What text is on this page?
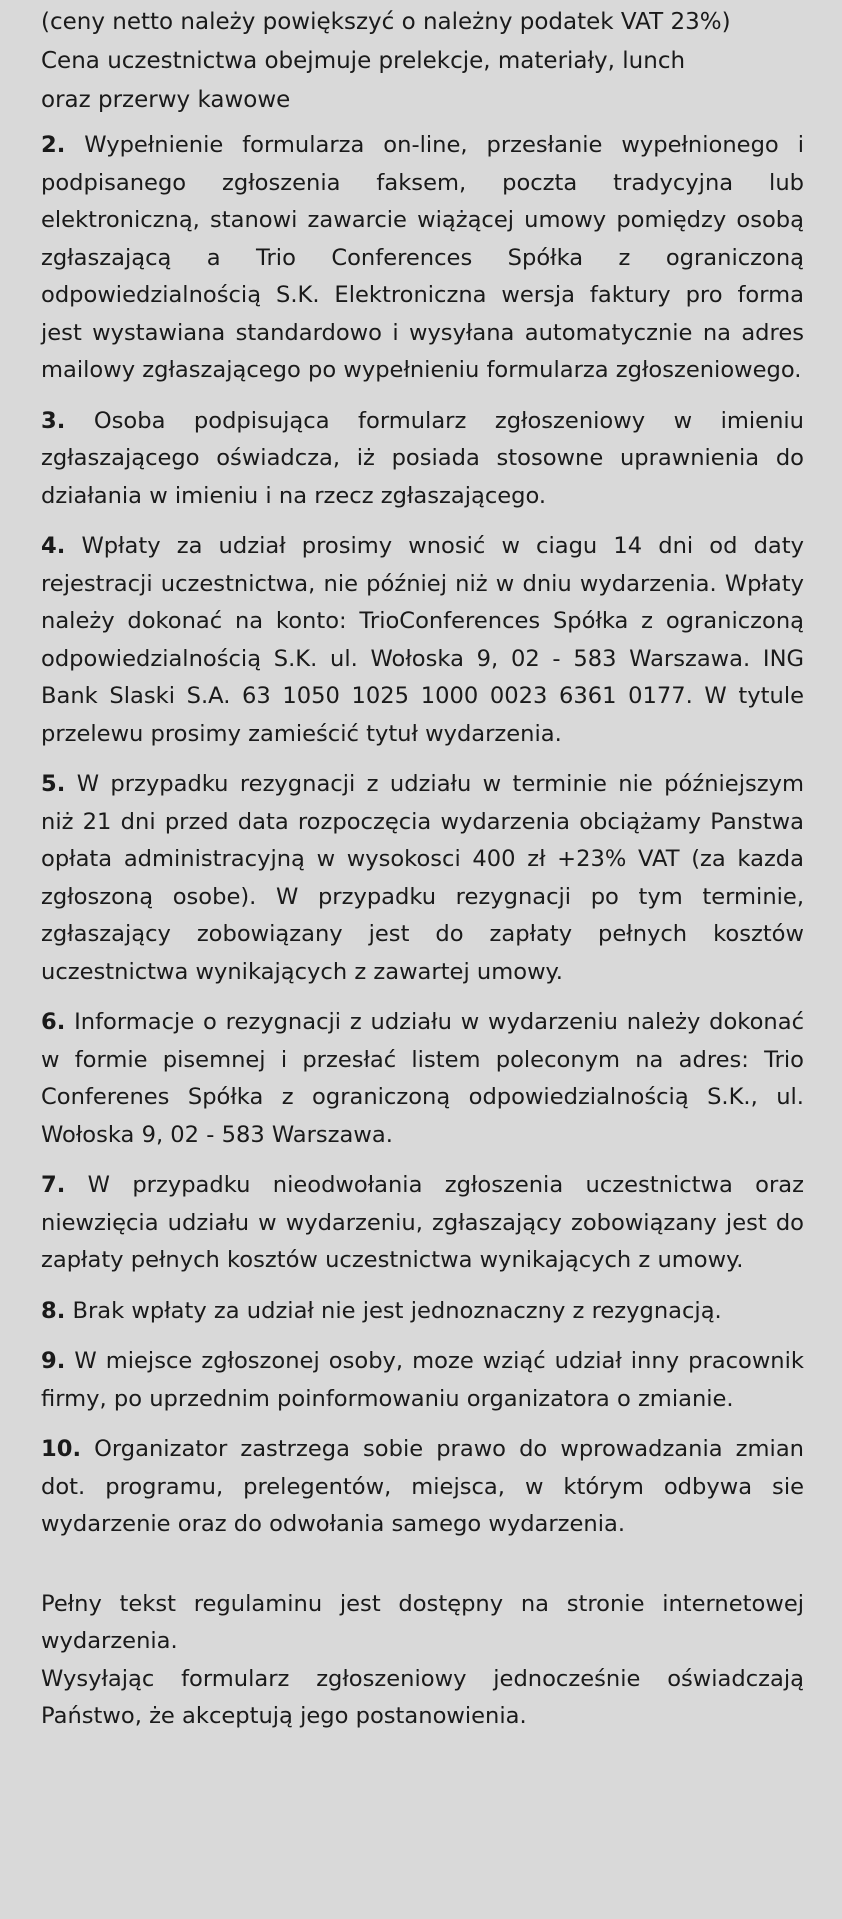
(ceny netto należy powiększyć o należny podatek VAT 23%)

Cena uczestnictwa obejmuje prelekcje, materiały, lunch

oraz przerwy kawowe

2. Wypełnienie formularza on-line, przesłanie wypełnionego i podpisanego zgłoszenia faksem, poczta tradycyjna lub elektroniczną, stanowi zawarcie wiążącej umowy pomiędzy osobą zgłaszającą a Trio Conferences Spółka z ograniczoną odpowiedzialnością S.K. Elektroniczna wersja faktury pro forma jest wystawiana standardowo i wysyłana automatycznie na adres mailowy zgłaszającego po wypełnieniu formularza zgłoszeniowego.

3. Osoba podpisująca formularz zgłoszeniowy w imieniu zgłaszającego oświadcza, iż posiada stosowne uprawnienia do działania w imieniu i na rzecz zgłaszającego.

4. Wpłaty za udział prosimy wnosić w ciagu 14 dni od daty rejestracji uczestnictwa, nie później niż w dniu wydarzenia. Wpłaty należy dokonać na konto: TrioConferences Spółka z ograniczoną odpowiedzialnością S.K. ul. Wołoska 9, 02 - 583 Warszawa. ING Bank Slaski S.A. 63 1050 1025 1000 0023 6361 0177. W tytule przelewu prosimy zamieścić tytuł wydarzenia.

5. W przypadku rezygnacji z udziału w terminie nie późniejszym niż 21 dni przed data rozpoczęcia wydarzenia obciążamy Panstwa opłata administracyjną w wysokosci 400 zł +23% VAT (za kazda zgłoszoną osobe). W przypadku rezygnacji po tym terminie, zgłaszający zobowiązany jest do zapłaty pełnych kosztów uczestnictwa wynikających z zawartej umowy.

6. Informacje o rezygnacji z udziału w wydarzeniu należy dokonać w formie pisemnej i przesłać listem poleconym na adres: Trio Conferenes Spółka z ograniczoną odpowiedzialnością S.K., ul. Wołoska 9, 02 - 583 Warszawa.

7. W przypadku nieodwołania zgłoszenia uczestnictwa oraz niewzięcia udziału w wydarzeniu, zgłaszający zobowiązany jest do zapłaty pełnych kosztów uczestnictwa wynikających z umowy.

8. Brak wpłaty za udział nie jest jednoznaczny z rezygnacją.

9. W miejsce zgłoszonej osoby, moze wziąć udział inny pracownik firmy, po uprzednim poinformowaniu organizatora o zmianie.

10. Organizator zastrzega sobie prawo do wprowadzania zmian dot. programu, prelegentów, miejsca, w którym odbywa sie wydarzenie oraz do odwołania samego wydarzenia.

Pełny tekst regulaminu jest dostępny na stronie internetowej wydarzenia.

Wysyłając formularz zgłoszeniowy jednocześnie oświadczają Państwo, że akceptują jego postanowienia.
